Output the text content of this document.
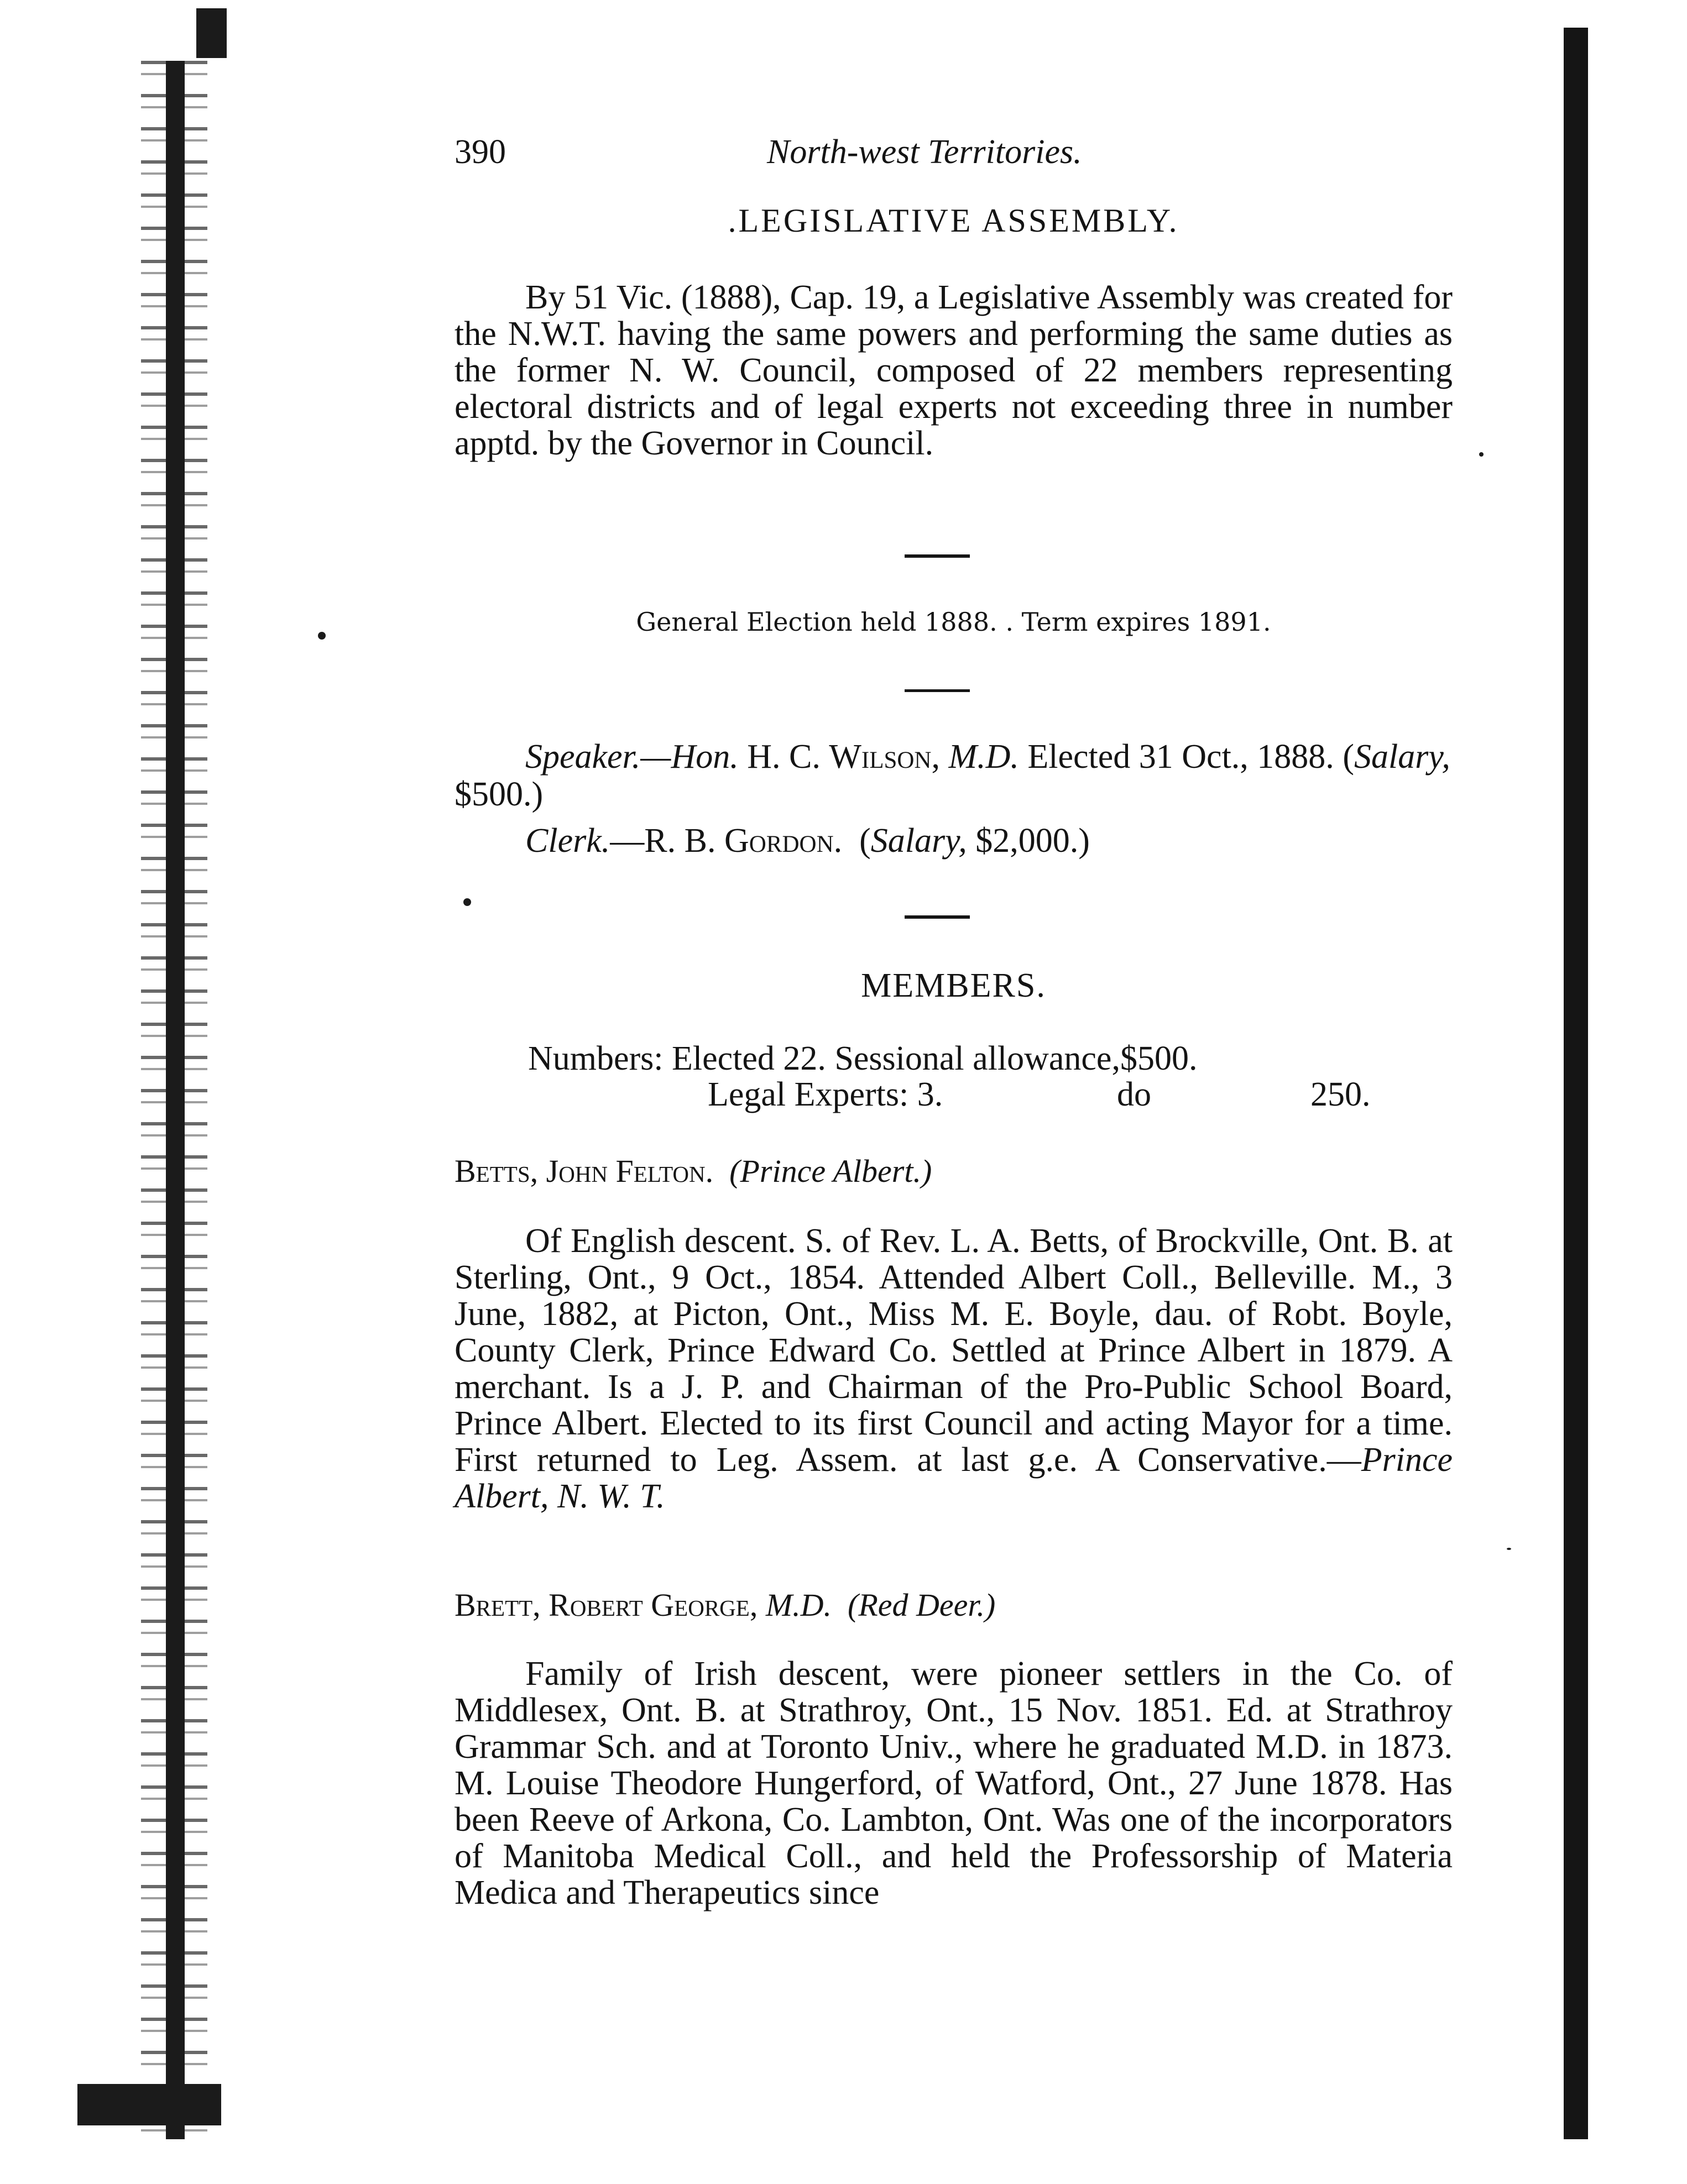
390	North-west Territories.
.LEGISLATIVE ASSEMBLY.
By 51 Vic. (1888), Cap. 19, a Legislative Assembly was created for the N.W.T. having the same powers and performing the same duties as the former N. W. Council, composed of 22 members representing electoral districts and of legal experts not exceeding three in number apptd. by the Governor in Council.
General Election held 1888. . Term expires 1891.
Speaker.—Hon. H. C. Wilson, M.D. Elected 31 Oct., 1888. (Salary, $500.)
Clerk.—R. B. Gordon. (Salary, $2,000.)
MEMBERS.
Numbers: Elected 22. Sessional allowance,$500.
Legal Experts: 3.	do	250.
Betts, John Felton. (Prince Albert.)
Of English descent. S. of Rev. L. A. Betts, of Brockville, Ont. B. at Sterling, Ont., 9 Oct., 1854. Attended Albert Coll., Belleville. M., 3 June, 1882, at Picton, Ont., Miss M. E. Boyle, dau. of Robt. Boyle, County Clerk, Prince Edward Co. Settled at Prince Albert in 1879. A merchant. Is a J. P. and Chairman of the Pro-Public School Board, Prince Albert. Elected to its first Council and acting Mayor for a time. First returned to Leg. Assem. at last g.e. A Conservative.—Prince Albert, N. W. T.
Brett, Robert George, M.D. (Red Deer.)
Family of Irish descent, were pioneer settlers in the Co. of Middlesex, Ont. B. at Strathroy, Ont., 15 Nov. 1851. Ed. at Strathroy Grammar Sch. and at Toronto Univ., where he graduated M.D. in 1873. M. Louise Theodore Hungerford, of Watford, Ont., 27 June 1878. Has been Reeve of Arkona, Co. Lambton, Ont. Was one of the incorporators of Manitoba Medical Coll., and held the Professorship of Materia Medica and Therapeutics since
